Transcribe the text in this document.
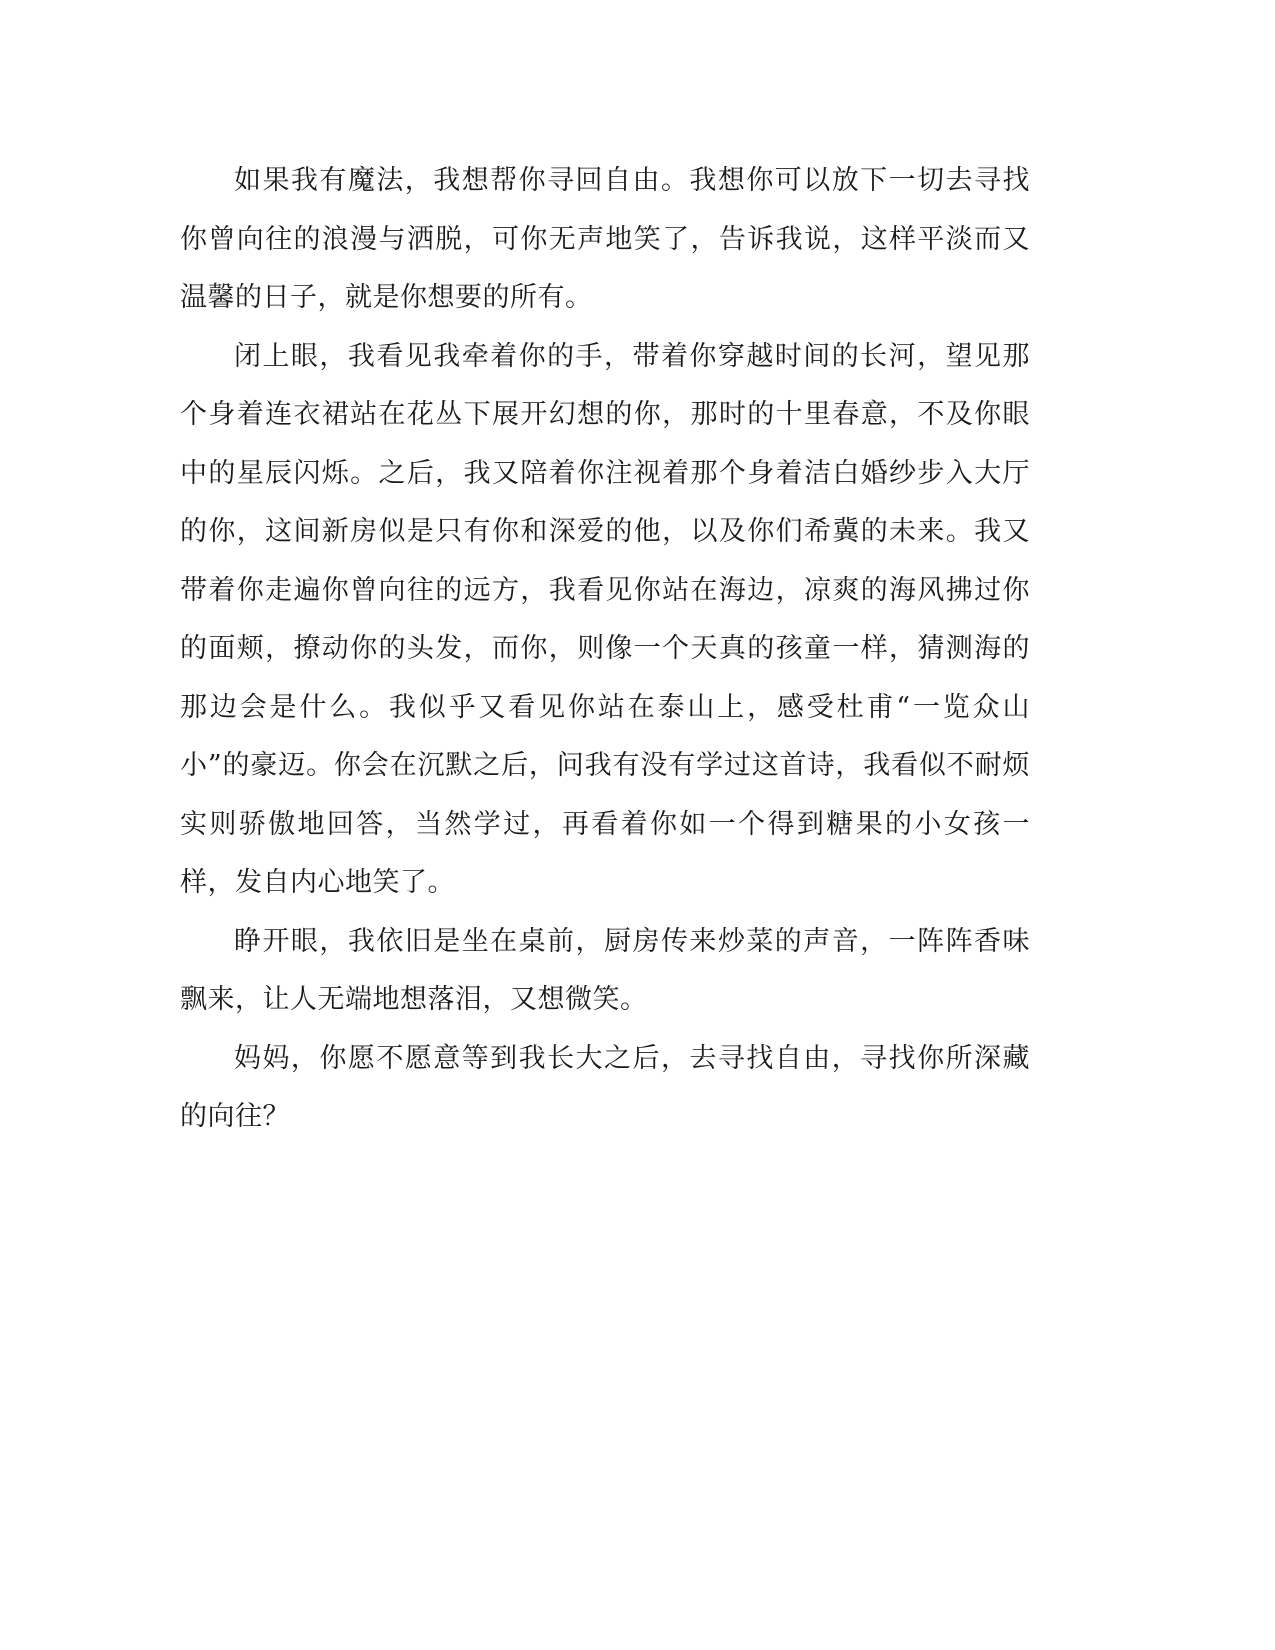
如果我有魔法，我想帮你寻回自由。我想你可以放下一切去寻找你曾向往的浪漫与洒脱，可你无声地笑了，告诉我说，这样平淡而又温馨的日子，就是你想要的所有。

闭上眼，我看见我牵着你的手，带着你穿越时间的长河，望见那个身着连衣裙站在花丛下展开幻想的你，那时的十里春意，不及你眼中的星辰闪烁。之后，我又陪着你注视着那个身着洁白婚纱步入大厅的你，这间新房似是只有你和深爱的他，以及你们希冀的未来。我又带着你走遍你曾向往的远方，我看见你站在海边，凉爽的海风拂过你的面颊，撩动你的头发，而你，则像一个天真的孩童一样，猜测海的那边会是什么。我似乎又看见你站在泰山上，感受杜甫“一览众山小”的豪迈。你会在沉默之后，问我有没有学过这首诗，我看似不耐烦实则骄傲地回答，当然学过，再看着你如一个得到糖果的小女孩一样，发自内心地笑了。

睁开眼，我依旧是坐在桌前，厨房传来炒菜的声音，一阵阵香味飘来，让人无端地想落泪，又想微笑。

妈妈，你愿不愿意等到我长大之后，去寻找自由，寻找你所深藏的向往？
